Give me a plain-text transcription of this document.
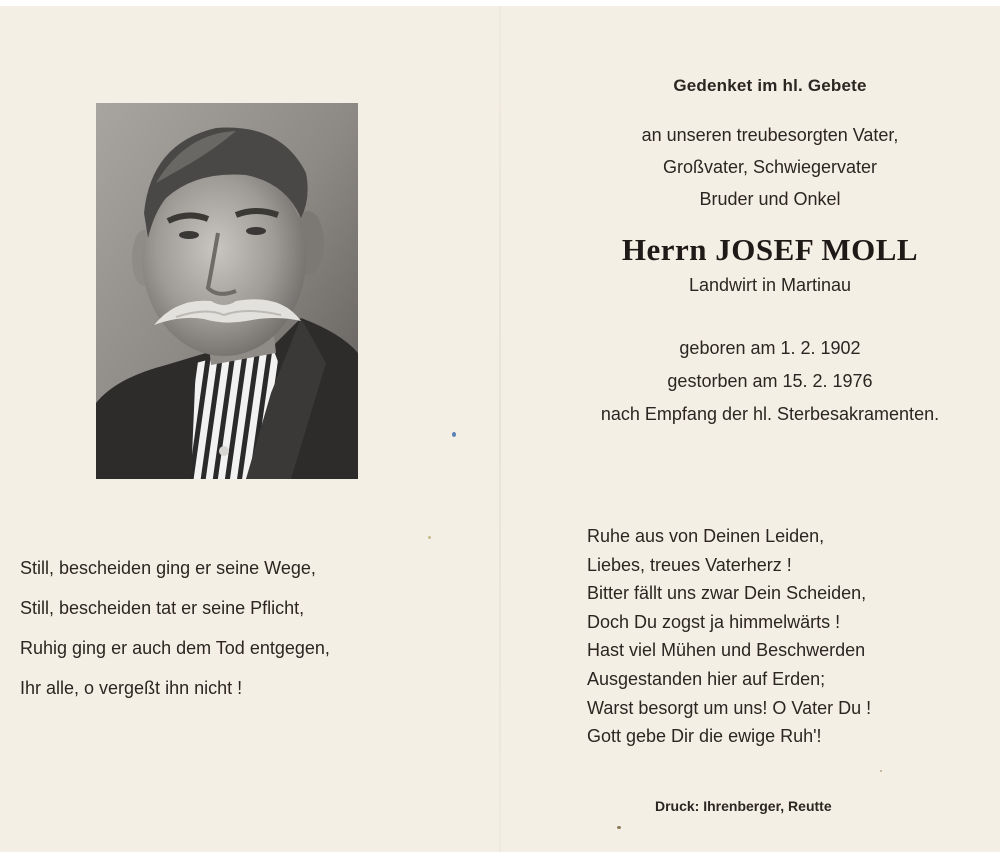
Gedenket im hl. Gebete
an unseren treubesorgten Vater,
Großvater, Schwiegervater
Bruder und Onkel
Herrn JOSEF MOLL
Landwirt in Martinau
geboren am 1. 2. 1902
gestorben am 15. 2. 1976
nach Empfang der hl. Sterbesakramenten.
Still, bescheiden ging er seine Wege,
Still, bescheiden tat er seine Pflicht,
Ruhig ging er auch dem Tod entgegen,
Ihr alle, o vergeßt ihn nicht !
Ruhe aus von Deinen Leiden,
Liebes, treues Vaterherz !
Bitter fällt uns zwar Dein Scheiden,
Doch Du zogst ja himmelwärts !
Hast viel Mühen und Beschwerden
Ausgestanden hier auf Erden;
Warst besorgt um uns! O Vater Du !
Gott gebe Dir die ewige Ruh'!
Druck: Ihrenberger, Reutte
